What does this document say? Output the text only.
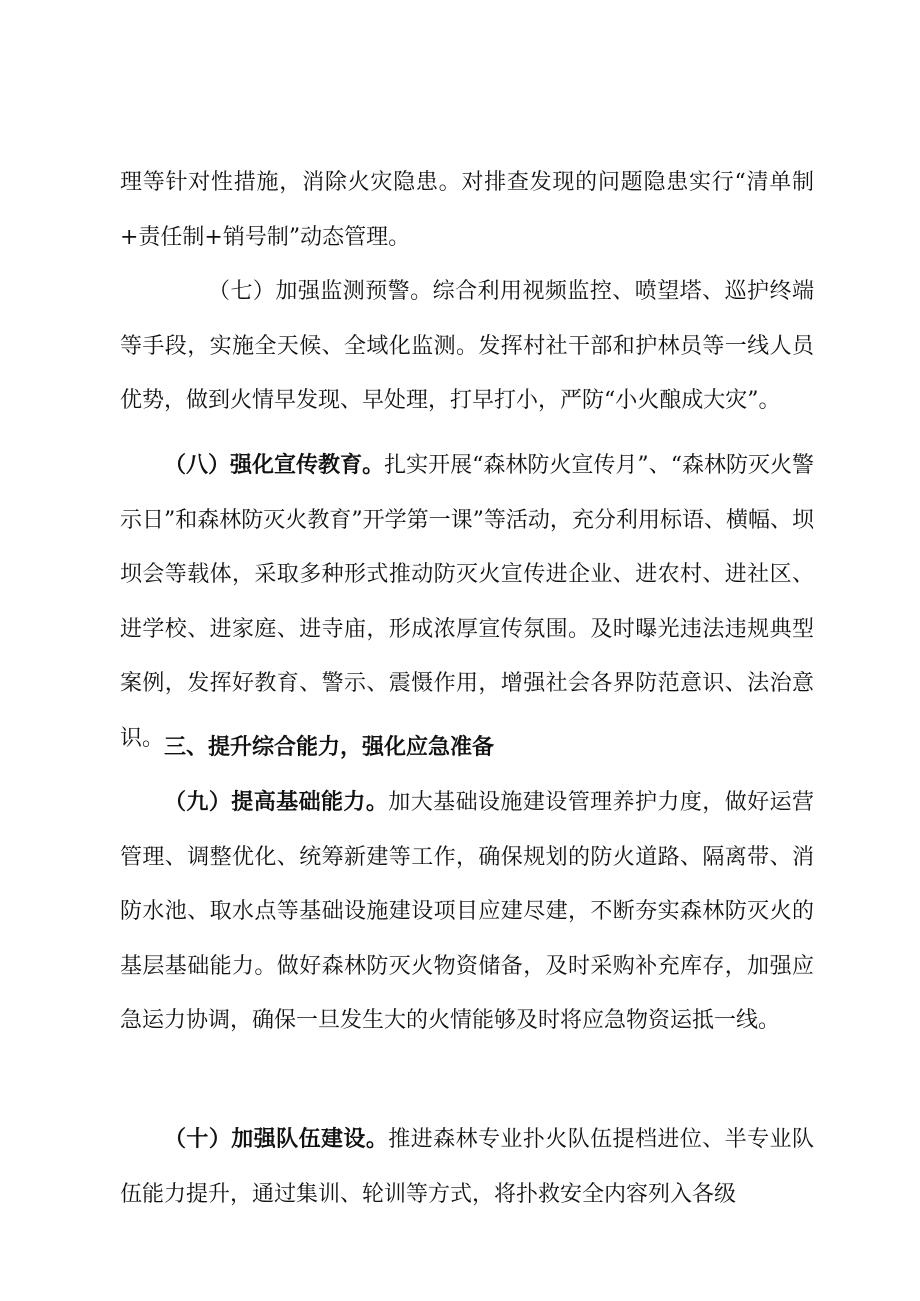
理等针对性措施，消除火灾隐患。对排查发现的问题隐患实行“清单制+责任制+销号制”动态管理。

（七）加强监测预警。综合利用视频监控、喷望塔、巡护终端等手段，实施全天候、全域化监测。发挥村社干部和护林员等一线人员优势，做到火情早发现、早处理，打早打小，严防“小火酿成大灾”。

（八）强化宣传教育。扎实开展“森林防火宣传月”、“森林防灭火警示日”和森林防灭火教育”开学第一课”等活动，充分利用标语、横幅、坝坝会等载体，采取多种形式推动防灭火宣传进企业、进农村、进社区、进学校、进家庭、进寺庙，形成浓厚宣传氛围。及时曝光违法违规典型案例，发挥好教育、警示、震慑作用，增强社会各界防范意识、法治意识。 三、提升综合能力，强化应急准备

（九）提高基础能力。加大基础设施建设管理养护力度，做好运营管理、调整优化、统筹新建等工作，确保规划的防火道路、隔离带、消防水池、取水点等基础设施建设项目应建尽建，不断夯实森林防灭火的基层基础能力。做好森林防灭火物资储备，及时采购补充库存，加强应急运力协调，确保一旦发生大的火情能够及时将应急物资运抵一线。

（十）加强队伍建设。推进森林专业扑火队伍提档进位、半专业队伍能力提升，通过集训、轮训等方式，将扑救安全内容列入各级
